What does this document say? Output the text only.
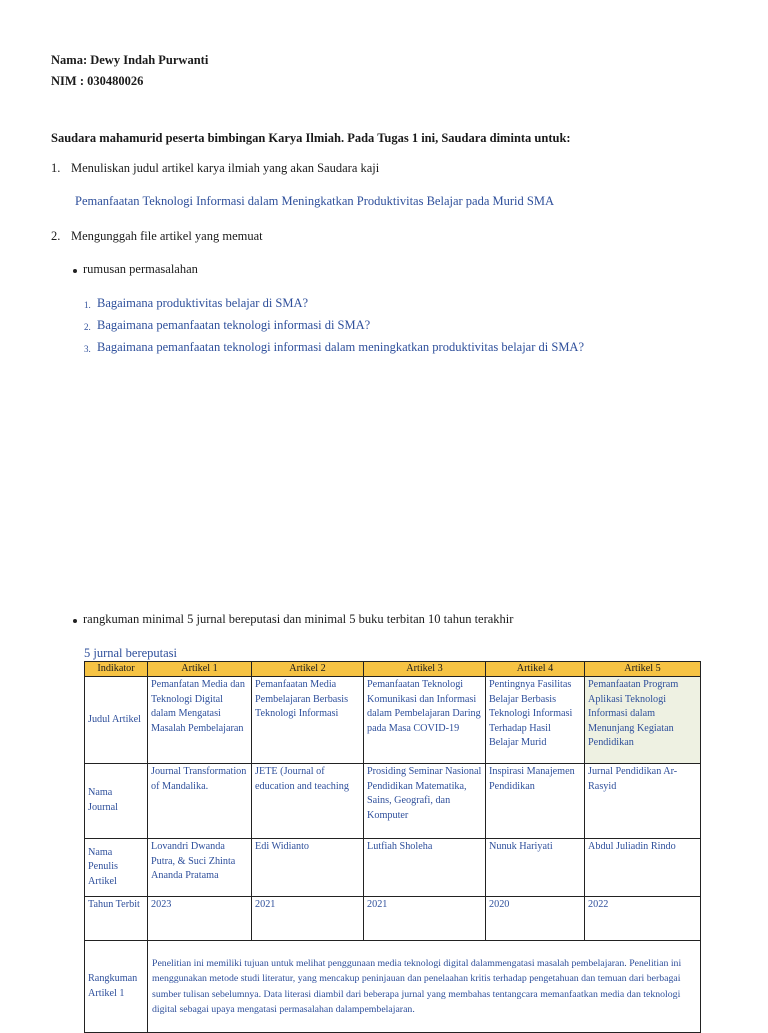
Nama: Dewy Indah Purwanti
NIM : 030480026
Saudara mahamurid peserta bimbingan Karya Ilmiah. Pada Tugas 1 ini, Saudara diminta untuk:
1. Menuliskan judul artikel karya ilmiah yang akan Saudara kaji
Pemanfaatan Teknologi Informasi dalam Meningkatkan Produktivitas Belajar pada Murid SMA
2. Mengunggah file artikel yang memuat
rumusan permasalahan
1. Bagaimana produktivitas belajar di SMA?
2. Bagaimana pemanfaatan teknologi informasi di SMA?
3. Bagaimana pemanfaatan teknologi informasi dalam meningkatkan produktivitas belajar di SMA?
rangkuman minimal 5 jurnal bereputasi dan minimal 5 buku terbitan 10 tahun terakhir
5 jurnal bereputasi
Indikator	Artikel 1	Artikel 2	Artikel 3	Artikel 4	Artikel 5
Judul Artikel	Pemanfatan Media dan Teknologi Digital dalam Mengatasi Masalah Pembelajaran	Pemanfaatan Media Pembelajaran Berbasis Teknologi Informasi	Pemanfaatan Teknologi Komunikasi dan Informasi dalam Pembelajaran Daring pada Masa COVID-19	Pentingnya Fasilitas Belajar Berbasis Teknologi Informasi Terhadap Hasil Belajar Murid	Pemanfaatan Program Aplikasi Teknologi Informasi dalam Menunjang Kegiatan Pendidikan
Nama Journal	Journal Transformation of Mandalika.	JETE (Journal of education and teaching	Prosiding Seminar Nasional Pendidikan Matematika, Sains, Geografi, dan Komputer	Inspirasi Manajemen Pendidikan	Jurnal Pendidikan Ar-Rasyid
Nama Penulis Artikel	Lovandri Dwanda Putra, & Suci Zhinta Ananda Pratama	Edi Widianto	Lutfiah Sholeha	Nunuk Hariyati	Abdul Juliadin Rindo
Tahun Terbit	2023	2021	2021	2020	2022
Rangkuman Artikel 1	Penelitian ini memiliki tujuan untuk melihat penggunaan media teknologi digital dalammengatasi masalah pembelajaran. Penelitian ini menggunakan metode studi literatur, yang mencakup peninjauan dan penelaahan kritis terhadap pengetahuan dan temuan dari berbagai sumber tulisan sebelumnya. Data literasi diambil dari beberapa jurnal yang membahas tentangcara memanfaatkan media dan teknologi digital sebagai upaya mengatasi permasalahan dalampembelajaran.				
